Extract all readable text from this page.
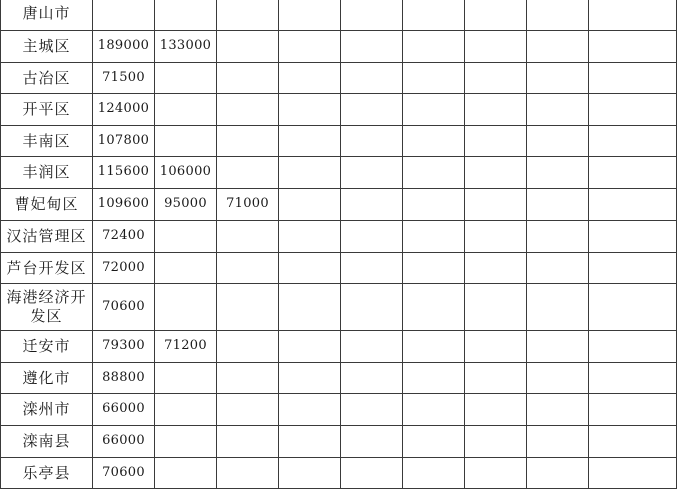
唐山市									

主城区	189000	133000							

古冶区	71500								

开平区	124000								

丰南区	107800								

丰润区	115600	106000							

曹妃甸区	109600	95000	71000						

汉沽管理区	72400								

芦台开发区	72000								

海港经济开发区	70600								

迁安市	79300	71200							

遵化市	88800								

滦州市	66000								

滦南县	66000								

乐亭县	70600								
